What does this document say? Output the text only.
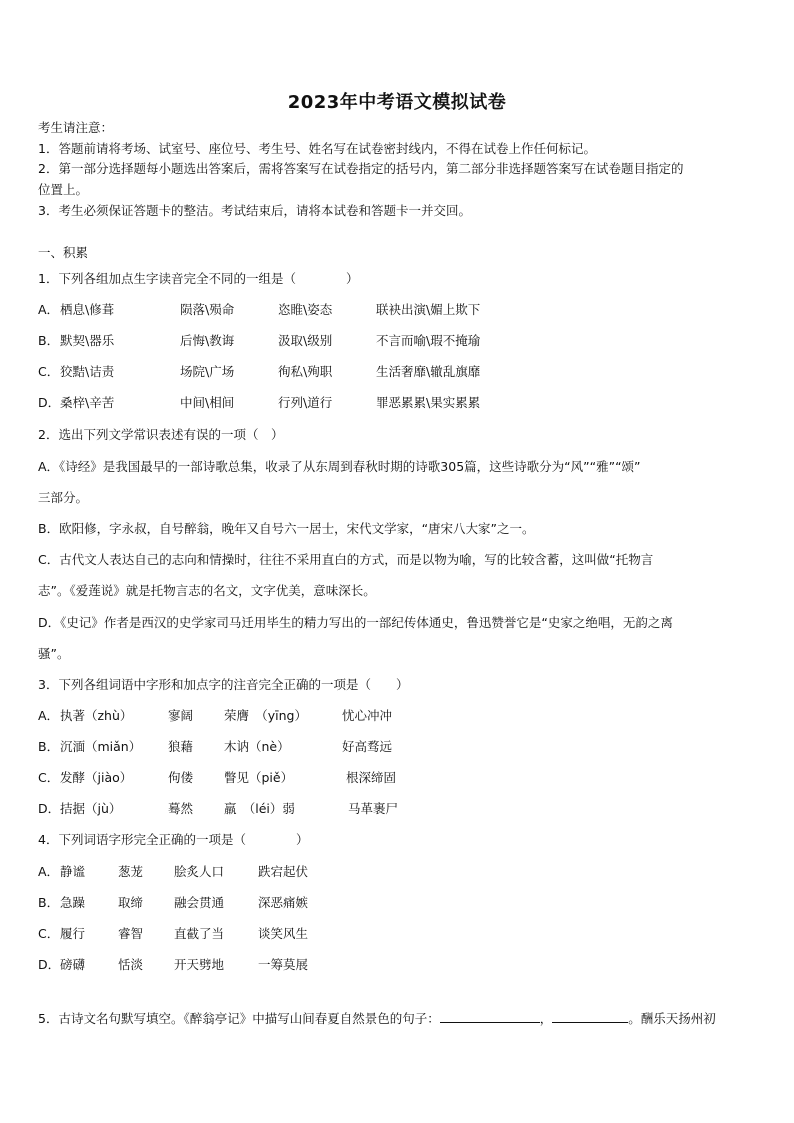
2023年中考语文模拟试卷
考生请注意：
1．答题前请将考场、试室号、座位号、考生号、姓名写在试卷密封线内，不得在试卷上作任何标记。
2．第一部分选择题每小题选出答案后，需将答案写在试卷指定的括号内，第二部分非选择题答案写在试卷题目指定的
位置上。
3．考生必须保证答题卡的整洁。考试结束后，请将本试卷和答题卡一并交回。
一、积累
1．下列各组加点生字读音完全不同的一组是（　　　　）
A．栖息\修葺	陨落\殒命	恣睢\姿态	联袂出演\媚上欺下
B．默契\器乐	后悔\教诲	汲取\级别	不言而喻\瑕不掩瑜
C．狡黠\诘责	场院\广场	徇私\殉职	生活奢靡\辙乱旗靡
D．桑梓\辛苦	中间\相间	行列\道行	罪恶累累\果实累累
2．选出下列文学常识表述有误的一项（　）
A．《诗经》是我国最早的一部诗歌总集，收录了从东周到春秋时期的诗歌305篇，这些诗歌分为“风”“雅”“颂”
三部分。
B．欧阳修，字永叔，自号醉翁，晚年又自号六一居士，宋代文学家，“唐宋八大家”之一。
C．古代文人表达自己的志向和情操时，往往不采用直白的方式，而是以物为喻，写的比较含蓄，这叫做“托物言
志”。《爱莲说》就是托物言志的名文，文字优美，意味深长。
D．《史记》作者是西汉的史学家司马迁用毕生的精力写出的一部纪传体通史，鲁迅赞誉它是“史家之绝唱，无韵之离
骚”。
3．下列各组词语中字形和加点字的注音完全正确的一项是（　　）
A．执著（zhù）	寥阔 荣膺　（yīng）	忧心冲冲
B．沉湎（miǎn） 狼藉 木讷（nè）	好高骛远
C．发酵（jiào）	佝偻 瞥见（piě）	根深缔固
D．拮据（jù）	蓦然 羸　（léi）弱	马革裹尸
4．下列词语字形完全正确的一项是（　　　　）
A．静谧	葱茏 脍炙人口	跌宕起伏
B．急躁	取缔 融会贯通	深恶痛嫉
C．履行	睿智 直截了当	谈笑风生
D．磅礴	恬淡 开天劈地	一筹莫展
5．古诗文名句默写填空。《醉翁亭记》中描写山间春夏自然景色的句子：	，	。酬乐天扬州初
